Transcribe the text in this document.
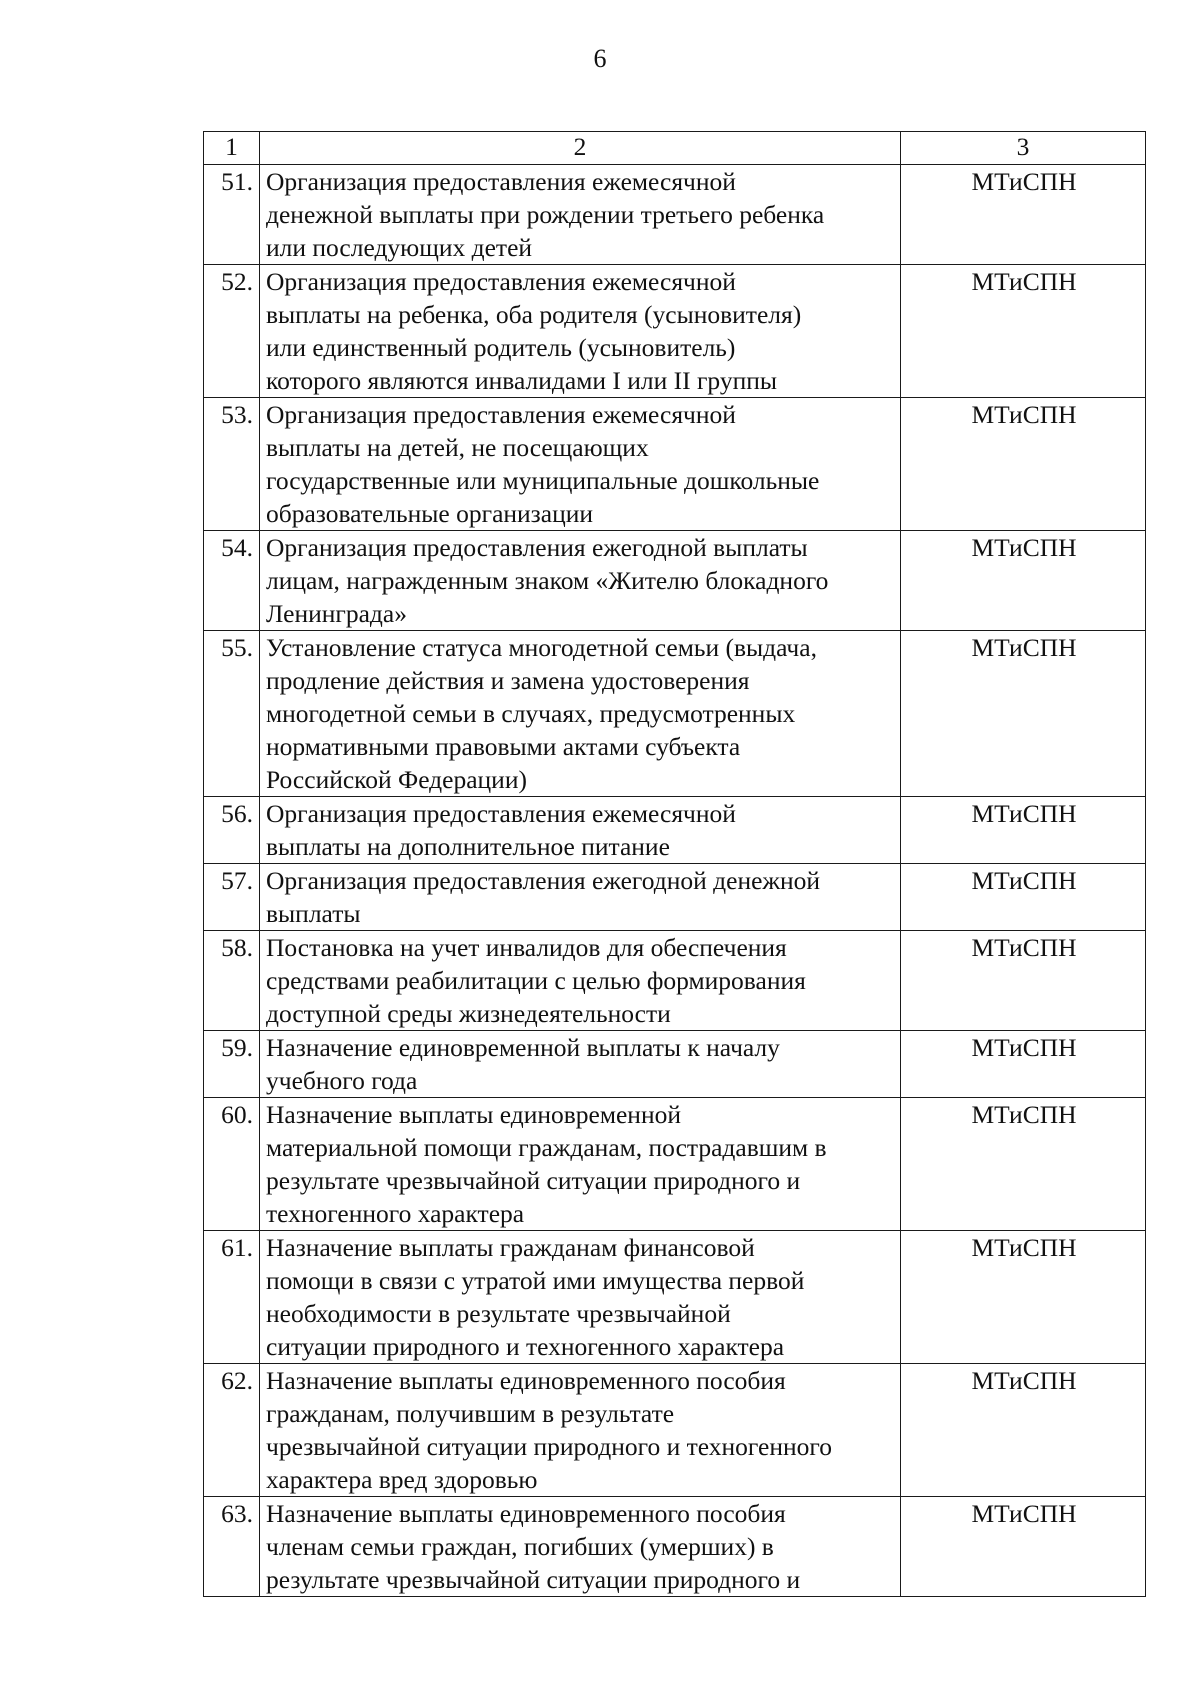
6
1	2	3
51.	Организация предоставления ежемесячной
денежной выплаты при рождении третьего ребенка
или последующих детей	МТиСПН
52.	Организация предоставления ежемесячной
выплаты на ребенка, оба родителя (усыновителя)
или единственный родитель (усыновитель)
которого являются инвалидами I или II группы	МТиСПН
53.	Организация предоставления ежемесячной
выплаты на детей, не посещающих
государственные или муниципальные дошкольные
образовательные организации	МТиСПН
54.	Организация предоставления ежегодной выплаты
лицам, награжденным знаком «Жителю блокадного
Ленинграда»	МТиСПН
55.	Установление статуса многодетной семьи (выдача,
продление действия и замена удостоверения
многодетной семьи в случаях, предусмотренных
нормативными правовыми актами субъекта
Российской Федерации)	МТиСПН
56.	Организация предоставления ежемесячной
выплаты на дополнительное питание	МТиСПН
57.	Организация предоставления ежегодной денежной
выплаты	МТиСПН
58.	Постановка на учет инвалидов для обеспечения
средствами реабилитации с целью формирования
доступной среды жизнедеятельности	МТиСПН
59.	Назначение единовременной выплаты к началу
учебного года	МТиСПН
60.	Назначение выплаты единовременной
материальной помощи гражданам, пострадавшим в
результате чрезвычайной ситуации природного и
техногенного характера	МТиСПН
61.	Назначение выплаты гражданам финансовой
помощи в связи с утратой ими имущества первой
необходимости в результате чрезвычайной
ситуации природного и техногенного характера	МТиСПН
62.	Назначение выплаты единовременного пособия
гражданам, получившим в результате
чрезвычайной ситуации природного и техногенного
характера вред здоровью	МТиСПН
63.	Назначение выплаты единовременного пособия
членам семьи граждан, погибших (умерших) в
результате чрезвычайной ситуации природного и	МТиСПН
